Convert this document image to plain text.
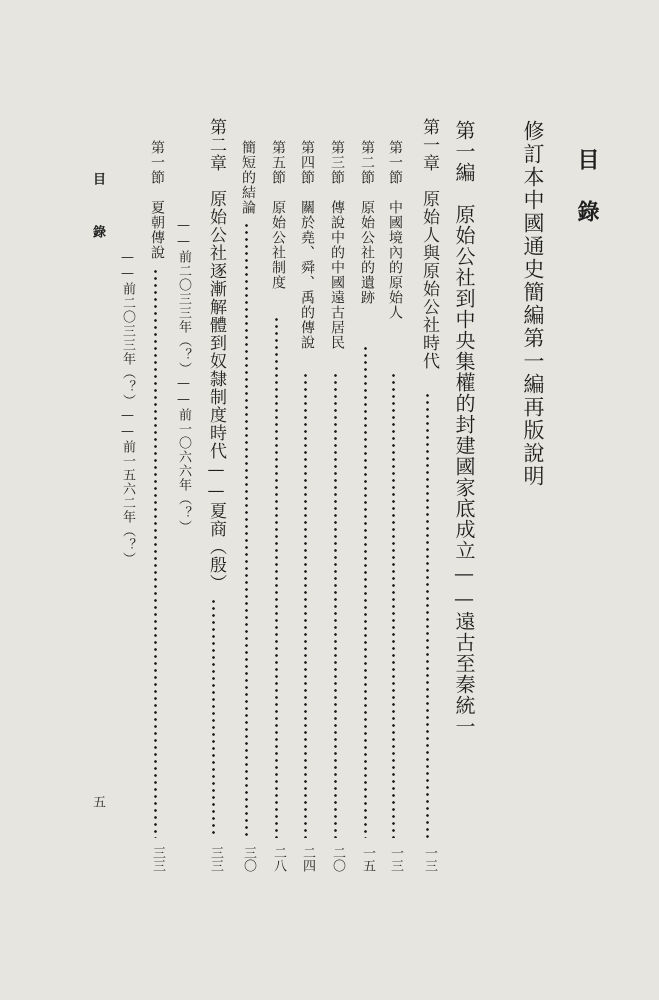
目錄
修訂本中國通史簡編第一編再版說明
第一編　原始公社到中央集權的封建國家底成立——遠古至秦統一
第一章　原始人與原始公社時代
一三
第一節　中國境內的原始人
一三
第二節　原始公社的遺跡
一五
第三節　傳說中的中國遠古居民
二〇
第四節　關於堯、舜、禹的傳說
二四
第五節　原始公社制度
二八
簡短的結論
三〇
第二章　原始公社逐漸解體到奴隸制度時代——夏商（殷）
三三
——前二〇三三年（？）——前一〇六六年（？）
第一節　夏朝傳說
三三
——前二〇三三年（？）——前一五六二年（？）
目錄
五
